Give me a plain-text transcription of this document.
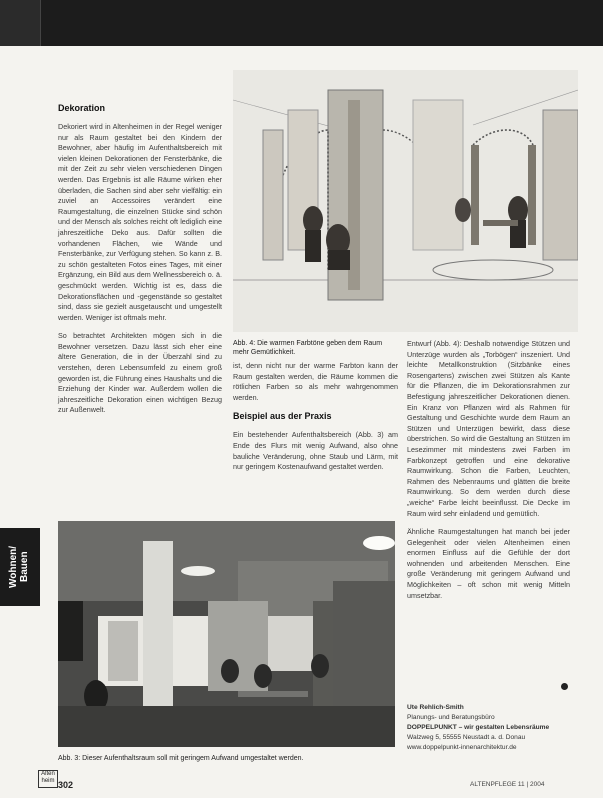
Wohnen/ Bauen
Dekoration

Dekoriert wird in Altenheimen in der Regel weniger nur als Raum gestaltet bei den Kindern der Bewohner, aber häufig im Aufenthaltsbereich mit vielen kleinen Dekorationen der Fensterbänke, die mit der Zeit zu sehr vielen verschiedenen Dingen werden. Das Ergebnis ist alle Räume wirken eher überladen, die Sachen sind aber sehr vielfältig: ein zuviel an Accessoires verändert eine Raumgestaltung, die einzelnen Stücke sind schön und der Mensch als solches reicht oft lediglich eine jahreszeitliche Deko aus. Dafür sollten die vorhandenen Flächen, wie Wände und Fensterbänke, zur Verfügung stehen. So kann z. B. zu schön gestalteten Fotos eines Tages, mit einer Ergänzung, ein Bild aus dem Wellnessbereich o. ä. geschmückt werden. Wichtig ist es, dass die Dekorationsflächen und -gegenstände so gestaltet sind, dass sie gezielt ausgetauscht und umgestellt werden. Weniger ist oftmals mehr.

So betrachtet Architekten mögen sich in die Bewohner versetzen. Dazu lässt sich eher eine ältere Generation, die in der Überzahl sind zu verstehen, deren Lebensumfeld zu einem groß geworden ist, die Führung eines Haushalts und die Erziehung der Kinder war. Außerdem wollen die jahreszeitliche Dekoration einen wichtigen Bezug zur Außenwelt.

Abb. 4: Die warmen Farbtöne geben dem Raum mehr Gemütlichkeit.

ist, denn nicht nur der warme Farbton kann der Raum gestalten werden, die Räume kommen die rötlichen Farben so als mehr wahrgenommen werden.

Beispiel aus der Praxis

Ein bestehender Aufenthaltsbereich (Abb. 3) am Ende des Flurs mit wenig Aufwand, also ohne bauliche Veränderung, ohne Staub und Lärm, mit nur geringem Kostenaufwand gestaltet werden.

Entwurf (Abb. 4): Deshalb notwendige Stützen und Unterzüge wurden als „Torbögen“ inszeniert. Und leichte Metallkonstruktion (Sitzbänke eines Rosengartens) zwischen zwei Stützen als Kante für die Pflanzen, die im Dekorationsrahmen zur Befestigung jahreszeitlicher Dekorationen dienen. Ein Kranz von Pflanzen wird als Rahmen für Gestaltung und Geschichte wurde dem Raum an Stützen und Unterzügen bewirkt, dass diese überstrichen. So wird die Gestaltung an Stützen im Lesezimmer mit mindestens zwei Farben im Farbkonzept getroffen und eine dekorative Raumwirkung. Schon die Farben, Leuchten, Rahmen des Nebenraums und glätten die breite Raumwirkung. So dem werden durch diese „weiche“ Farbe leicht beeinflusst. Die Decke im Raum wird sehr einladend und gemütlich.

Ähnliche Raumgestaltungen hat manch bei jeder Gelegenheit oder vielen Altenheimen einen enormen Einfluss auf die Gefühle der dort wohnenden und arbeitenden Menschen. Eine große Veränderung mit geringem Aufwand und Möglichkeiten – oft schon mit wenig Mitteln umsetzbar.

Abb. 3: Dieser Aufenthaltsraum soll mit geringem Aufwand umgestaltet werden.
Ute Rehlich-Smith
Planungs- und Beratungsbüro
DOPPELPUNKT – wir gestalten Lebensräume
Walzweg 5, 55555 Neustadt a. d. Donau
www.doppelpunkt-innenarchitektur.de
Alten heim 302	ALTENPFLEGE 11 | 2004
